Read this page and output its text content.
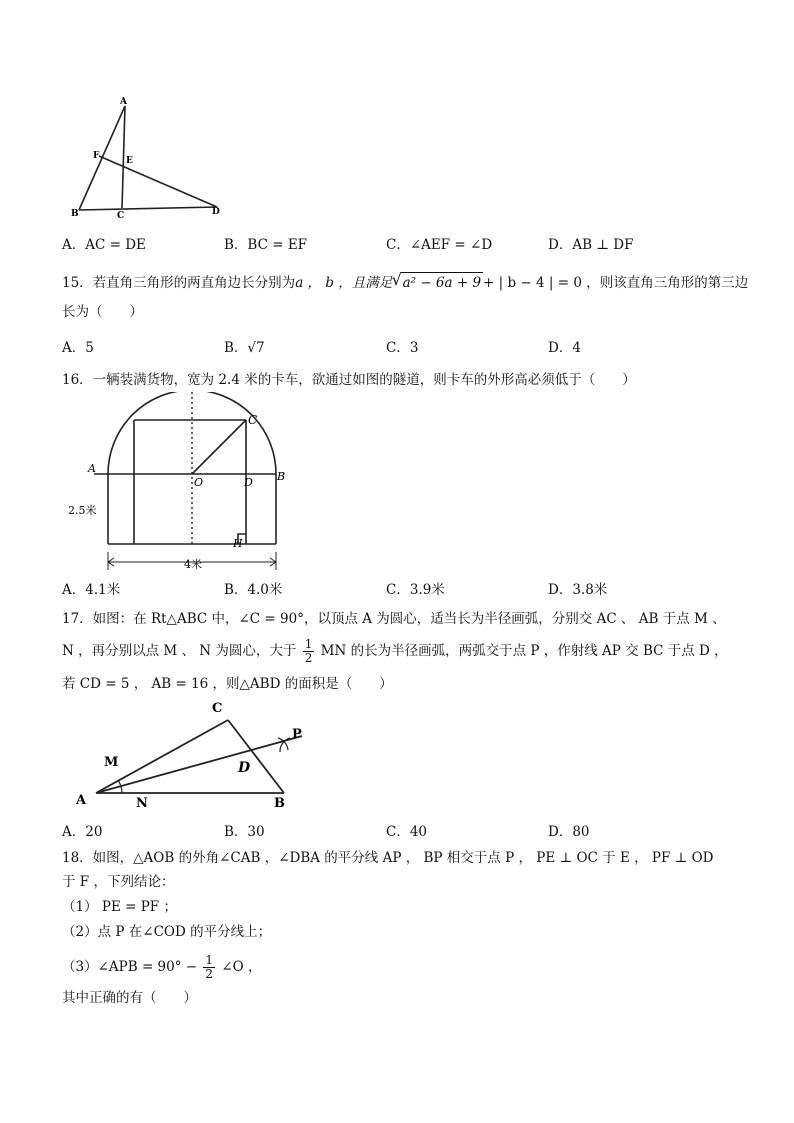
A
F	E
B	C	D
A．AC = DE	B．BC = EF	C．∠AEF = ∠D	D．AB ⊥ DF
15．若直角三角形的两直角边长分别为a ， b ，且满足 √ a² − 6a + 9 + | b − 4 | = 0 ，则该直角三角形的第三边
长为（　　）
A．5	B．√7	C．3	D．4
16．一辆装满货物，宽为 2.4 米的卡车，欲通过如图的隧道，则卡车的外形高必须低于（　　）
C
A
O	D B
H
2.5米
4米
A．4.1米	B．4.0米	C．3.9米	D．3.8米
17．如图：在 Rt△ABC 中，∠C = 90°，以顶点 A 为圆心，适当长为半径画弧，分别交 AC 、 AB 于点 M 、
N ，再分别以点 M 、 N 为圆心，大于 $\frac{1}{2}$ MN 的长为半径画弧，两弧交于点 P ，作射线 AP 交 BC 于点 D ，
若 CD = 5 ， AB = 16 ，则△ABD 的面积是（　　）
C
M
P
D
A	N	B
A．20	B．30	C．40	D．80
18．如图，△AOB 的外角∠CAB ，∠DBA 的平分线 AP ， BP 相交于点 P ， PE ⊥ OC 于 E ， PF ⊥ OD
于 F ，下列结论：
（1） PE = PF ；
（2）点 P 在∠COD 的平分线上；
（3）∠APB = $90^\circ - \frac{1}{2}$ ∠O ，
其中正确的有（　　）
